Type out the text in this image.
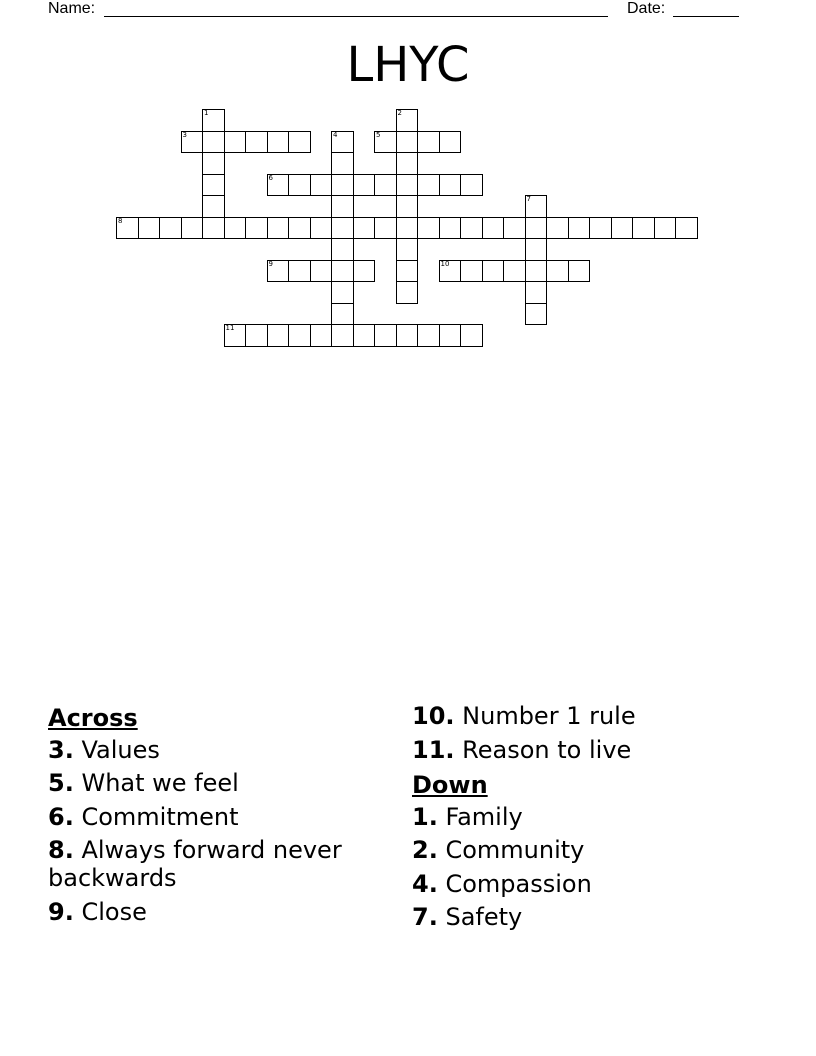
Name:	Date:
LHYC
3	5
6
8
9	10
11
1	2
4
7
Across
3. Values
5. What we feel
6. Commitment
8. Always forward never backwards
9. Close
10. Number 1 rule
11. Reason to live
Down
1. Family
2. Community
4. Compassion
7. Safety
